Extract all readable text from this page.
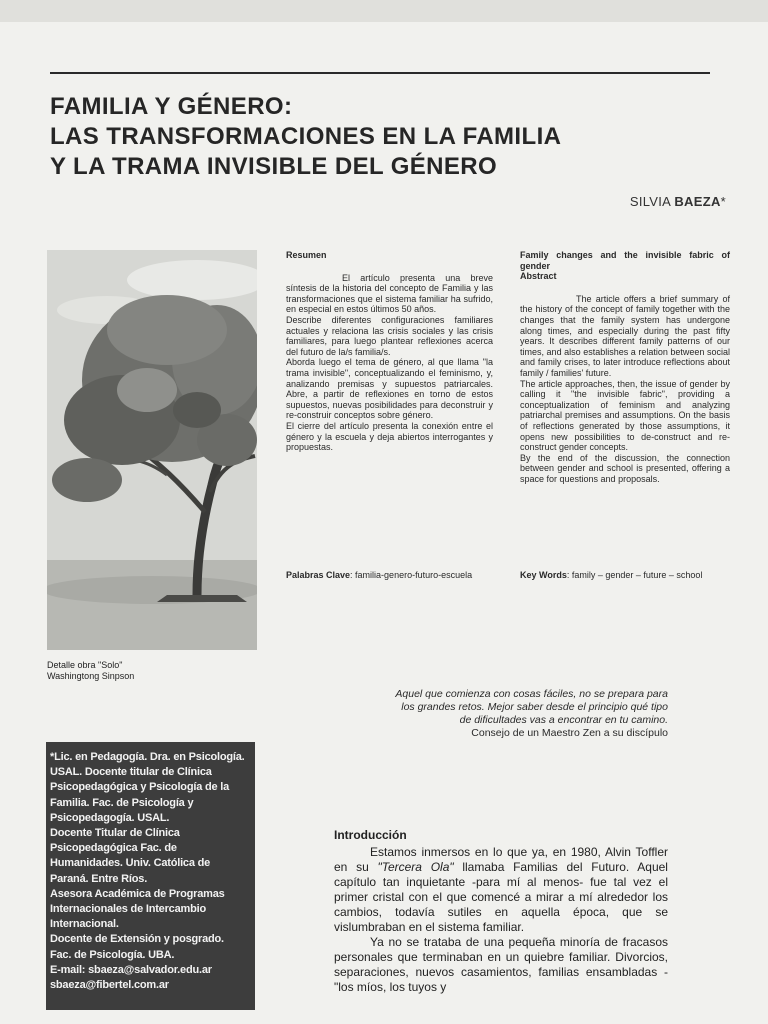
FAMILIA Y GÉNERO:
LAS TRANSFORMACIONES EN LA FAMILIA
Y LA TRAMA INVISIBLE DEL GÉNERO
SILVIA BAEZA*
Detalle obra "Solo"
Washingtong Sinpson
Resumen

El artículo presenta una breve síntesis de la historia del concepto de Familia y las transformaciones que el sistema familiar ha sufrido, en especial en estos últimos 50 años.

Describe diferentes configuraciones familiares actuales y relaciona las crisis sociales y las crisis familiares, para luego plantear reflexiones acerca del futuro de la/s familia/s.

Aborda luego el tema de género, al que llama "la trama invisible", conceptualizando el feminismo, y, analizando premisas y supuestos patriarcales. Abre, a partir de reflexiones en torno de estos supuestos, nuevas posibilidades para deconstruir y re-construir conceptos sobre género.

El cierre del artículo presenta la conexión entre el género y la escuela y deja abiertos interrogantes y propuestas.

Palabras Clave: familia-genero-futuro-escuela
Family changes and the invisible fabric of gender
Abstract

The article offers a brief summary of the history of the concept of family together with the changes that the family system has undergone along times, and especially during the past fifty years. It describes different family patterns of our times, and also establishes a relation between social and family crises, to later introduce reflections about family / families' future.

The article approaches, then, the issue of gender by calling it "the invisible fabric", providing a conceptualization of feminism and analyzing patriarchal premises and assumptions. On the basis of reflections generated by those assumptions, it opens new possibilities to de-construct and re-construct gender concepts.

By the end of the discussion, the connection between gender and school is presented, offering a space for questions and proposals.

Key Words: family – gender – future – school
Aquel que comienza con cosas fáciles, no se prepara para
los grandes retos. Mejor saber desde el principio qué tipo
de dificultades vas a encontrar en tu camino.
Consejo de un Maestro Zen a su discípulo
*Lic. en Pedagogía. Dra. en Psicología.
USAL. Docente titular de Clínica
Psicopedagógica y Psicología de la
Familia. Fac. de Psicología y
Psicopedagogía. USAL.
Docente Titular de Clínica
Psicopedagógica Fac. de
Humanidades. Univ. Católica de
Paraná. Entre Ríos.
Asesora Académica de Programas
Internacionales de Intercambio
Internacional.
Docente de Extensión y posgrado.
Fac. de Psicología. UBA.
E-mail: sbaeza@salvador.edu.ar
sbaeza@fibertel.com.ar
Introducción

Estamos inmersos en lo que ya, en 1980, Alvin Toffler en su "Tercera Ola" llamaba Familias del Futuro. Aquel capítulo tan inquietante -para mí al menos- fue tal vez el primer cristal con el que comencé a mirar a mí alrededor los cambios, todavía sutiles en aquella época, que se vislumbraban en el sistema familiar.

Ya no se trataba de una pequeña minoría de fracasos personales que terminaban en un quiebre familiar. Divorcios, separaciones, nuevos casamientos, familias ensambladas - "los míos, los tuyos y
